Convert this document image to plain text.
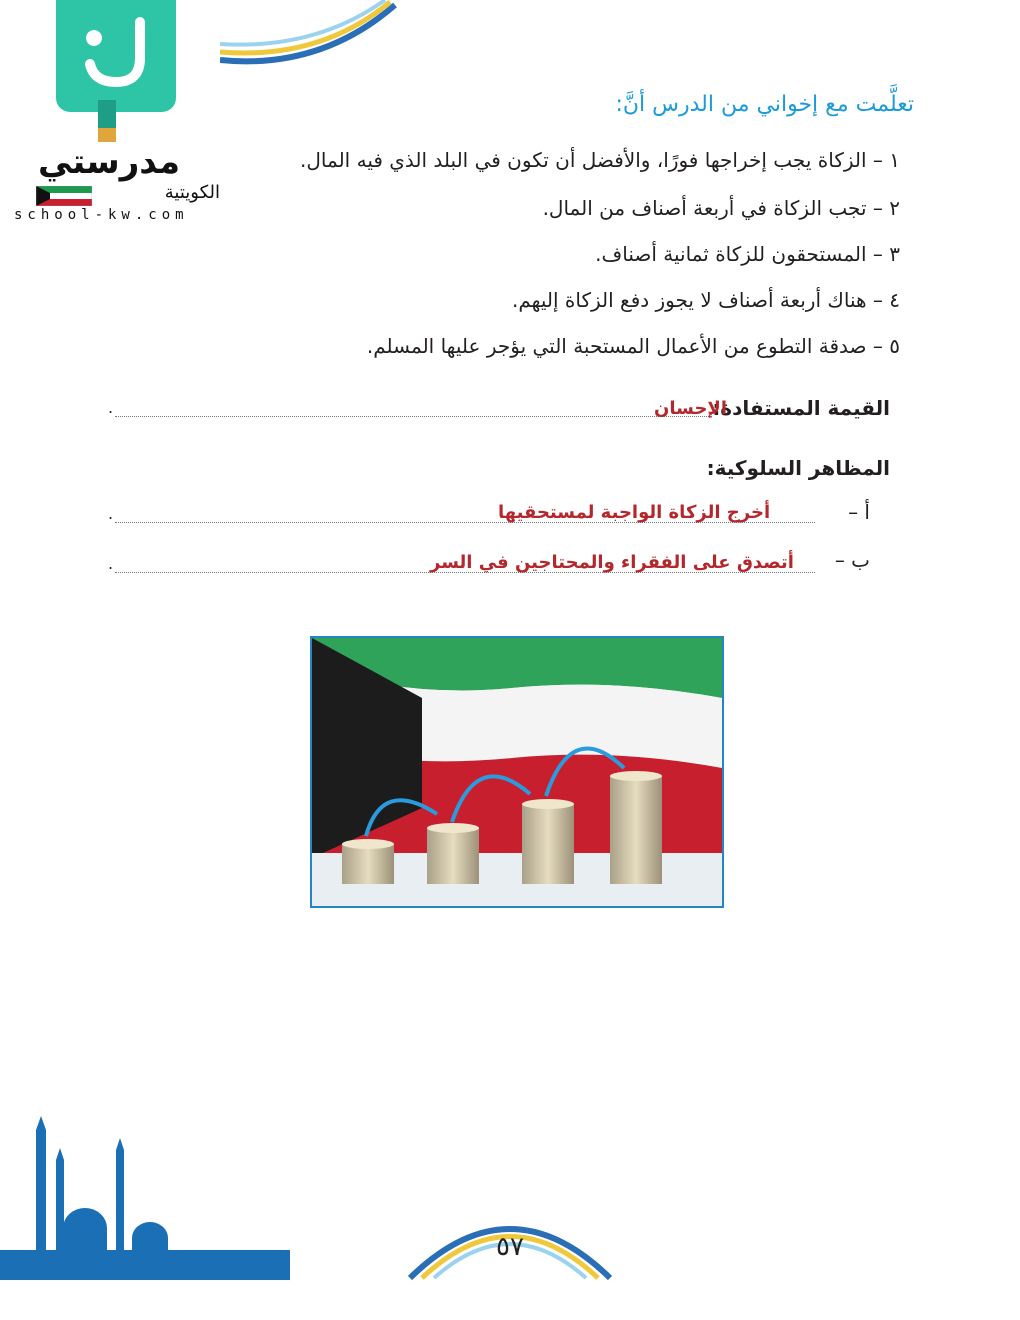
مدرستي
الكويتية
school-kw.com
تعلَّمت مع إخواني من الدرس أنَّ:
١ – الزكاة يجب إخراجها فورًا، والأفضل أن تكون في البلد الذي فيه المال.
٢ – تجب الزكاة في أربعة أصناف من المال.
٣ – المستحقون للزكاة ثمانية أصناف.
٤ – هناك أربعة أصناف لا يجوز دفع الزكاة إليهم.
٥ – صدقة التطوع من الأعمال المستحبة التي يؤجر عليها المسلم.
القيمة المستفادة:
الإحسان
.
المظاهر السلوكية:
أ –
أخرج الزكاة الواجبة لمستحقيها
.
ب –
أتصدق على الفقراء والمحتاجين في السر
.
٥٧
